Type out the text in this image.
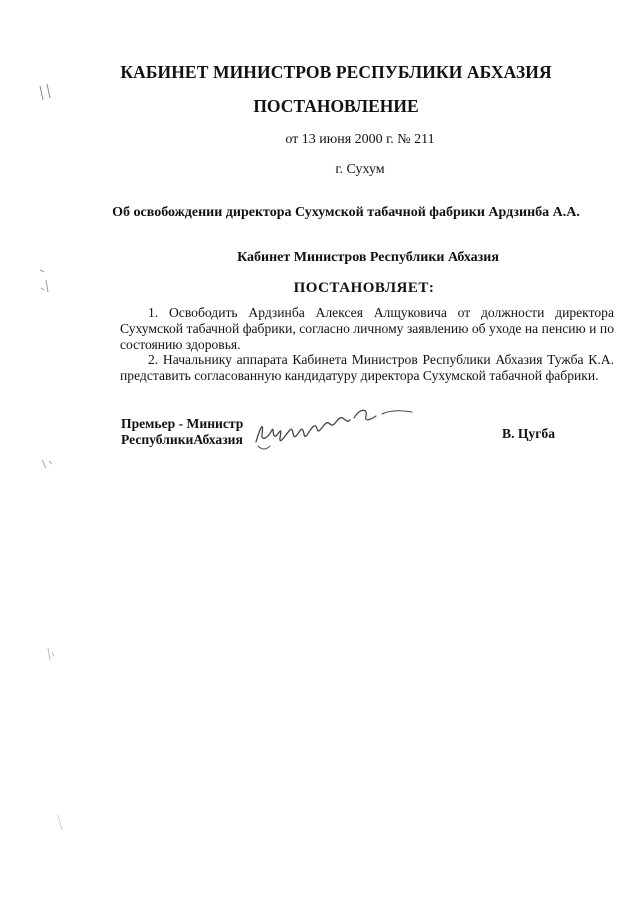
КАБИНЕТ МИНИСТРОВ РЕСПУБЛИКИ АБХАЗИЯ
ПОСТАНОВЛЕНИЕ
от 13 июня 2000 г. № 211
г. Сухум
Об освобождении директора Сухумской табачной фабрики Ардзинба А.А.
Кабинет Министров Республики Абхазия
ПОСТАНОВЛЯЕТ:
1. Освободить Ардзинба Алексея Алщуковича от должности директора Сухумской табачной фабрики, согласно личному заявлению об уходе на пенсию и по состоянию здоровья.
2. Начальнику аппарата Кабинета Министров Республики Абхазия Тужба К.А. представить согласованную кандидатуру директора Сухумской табачной фабрики.
Премьер - Министр
РеспубликиАбхазия	В. Цугба
